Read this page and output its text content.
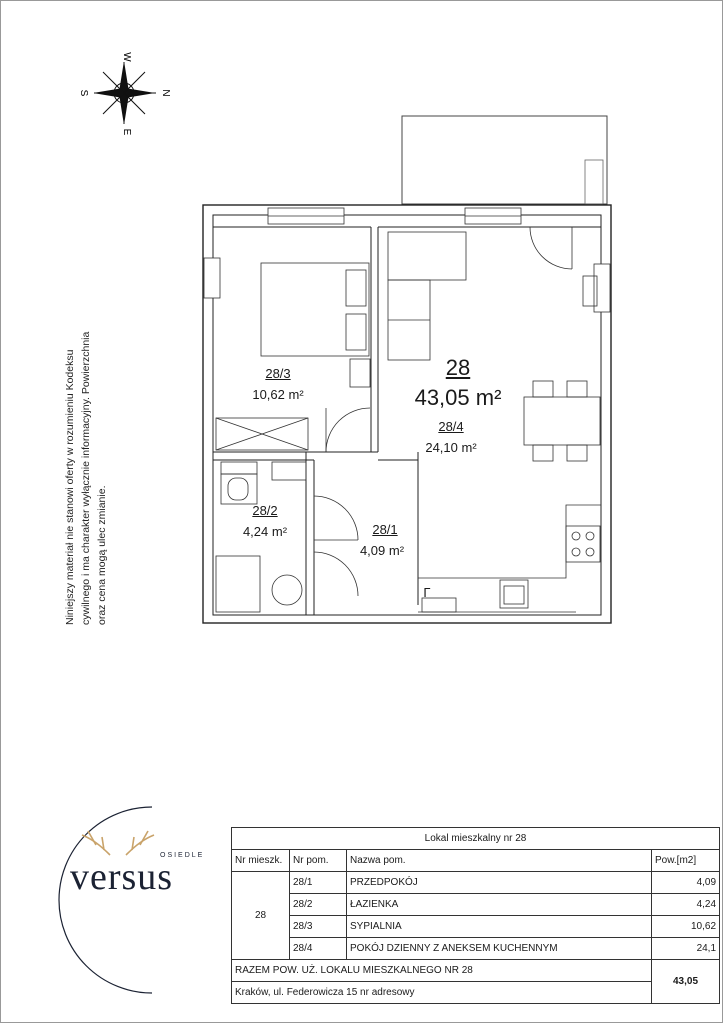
W
E
S	N
28
43,05 m²
28/3
10,62 m²
28/4
24,10 m²
28/2
4,24 m²	28/1
4,09 m²
Γ
Niniejszy materiał nie stanowi oferty w rozumieniu Kodeksu cywilnego i ma charakter wyłącznie informacyjny. Powierzchnia oraz cena mogą ulec zmianie.
OSIEDLE
versus
Lokal mieszkalny nr 28			
Nr mieszk.	Nr pom.	Nazwa pom.	Pow.[m2]
28	28/1	PRZEDPOKÓJ	4,09
	28/2	ŁAZIENKA	4,24
	28/3	SYPIALNIA	10,62
	28/4	POKÓJ DZIENNY Z ANEKSEM KUCHENNYM	24,1
RAZEM POW. UŻ. LOKALU MIESZKALNEGO NR 28			43,05
Kraków, ul. Federowicza 15 nr adresowy			
